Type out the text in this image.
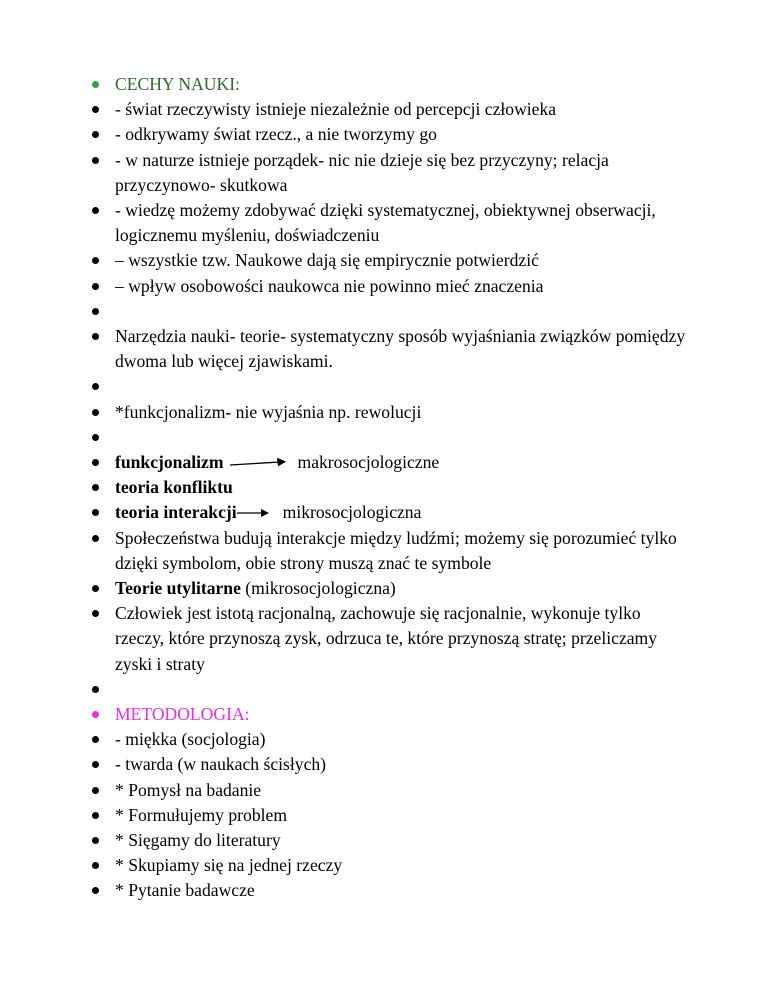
CECHY NAUKI:
- świat rzeczywisty istnieje niezależnie od percepcji człowieka
- odkrywamy świat rzecz., a nie tworzymy go
- w naturze istnieje porządek- nic nie dzieje się bez przyczyny; relacja przyczynowo- skutkowa
- wiedzę możemy zdobywać dzięki systematycznej, obiektywnej obserwacji, logicznemu myśleniu, doświadczeniu
– wszystkie tzw. Naukowe dają się empirycznie potwierdzić
– wpływ osobowości naukowca nie powinno mieć znaczenia
Narzędzia nauki- teorie- systematyczny sposób wyjaśniania związków pomiędzy dwoma lub więcej zjawiskami.
*funkcjonalizm- nie wyjaśnia np. rewolucji
funkcjonalizm	makrosocjologiczne
teoria konfliktu
teoria interakcji	mikrosocjologiczna
Społeczeństwa budują interakcje między ludźmi; możemy się porozumieć tylko dzięki symbolom, obie strony muszą znać te symbole
Teorie utylitarne (mikrosocjologiczna)
Człowiek jest istotą racjonalną, zachowuje się racjonalnie, wykonuje tylko rzeczy, które przynoszą zysk, odrzuca te, które przynoszą stratę; przeliczamy zyski i straty
METODOLOGIA:
- miękka (socjologia)
- twarda (w naukach ścisłych)
* Pomysł na badanie
* Formułujemy problem
* Sięgamy do literatury
* Skupiamy się na jednej rzeczy
* Pytanie badawcze
